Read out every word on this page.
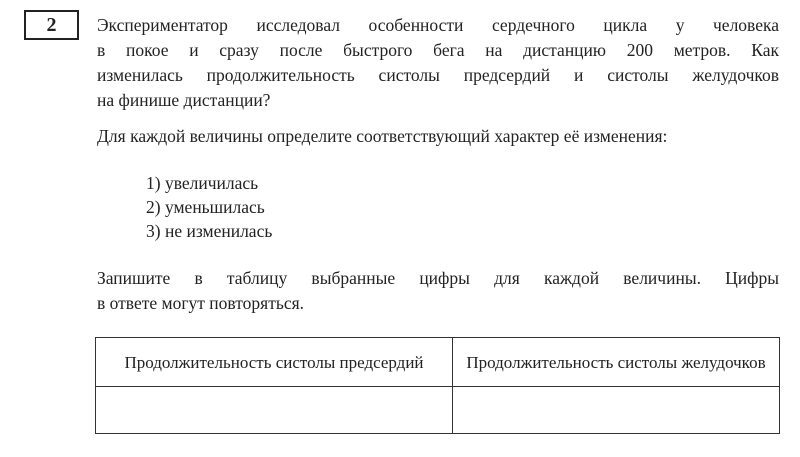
2 Экспериментатор исследовал особенности сердечного цикла у человека
в покое и сразу после быстрого бега на дистанцию 200 метров. Как
изменилась продолжительность систолы предсердий и систолы желудочков
на финише дистанции?
Для каждой величины определите соответствующий характер её изменения:
1) увеличилась
2) уменьшилась
3) не изменилась
Запишите в таблицу выбранные цифры для каждой величины. Цифры
в ответе могут повторяться.
Продолжительность систолы предсердий	Продолжительность систолы желудочков
